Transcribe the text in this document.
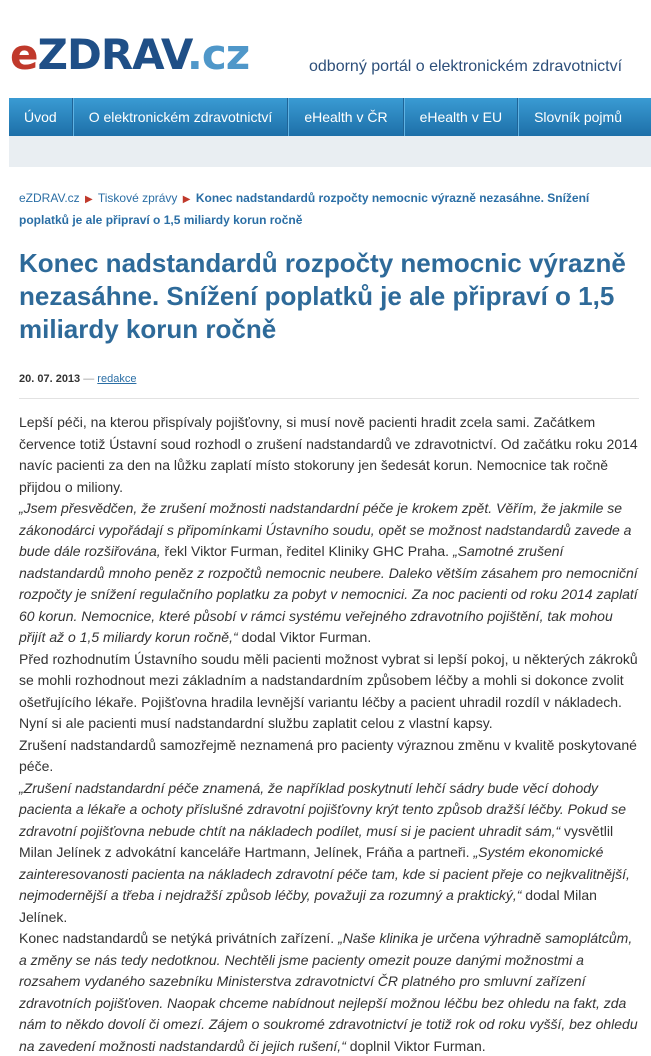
eZDRAV.cz	odborný portál o elektronickém zdravotnictví
Úvod	O elektronickém zdravotnictví	eHealth v ČR	eHealth v EU	Slovník pojmů
eZDRAV.cz ▶ Tiskové zprávy ▶ Konec nadstandardů rozpočty nemocnic výrazně nezasáhne. Snížení poplatků je ale připraví o 1,5 miliardy korun ročně
Konec nadstandardů rozpočty nemocnic výrazně nezasáhne. Snížení poplatků je ale připraví o 1,5 miliardy korun ročně
20. 07. 2013 — redakce

Lepší péči, na kterou přispívaly pojišťovny, si musí nově pacienti hradit zcela sami. Začátkem července totiž Ústavní soud rozhodl o zrušení nadstandardů ve zdravotnictví. Od začátku roku 2014 navíc pacienti za den na lůžku zaplatí místo stokoruny jen šedesát korun. Nemocnice tak ročně přijdou o miliony.

„Jsem přesvědčen, že zrušení možnosti nadstandardní péče je krokem zpět. Věřím, že jakmile se zákonodárci vypořádají s připomínkami Ústavního soudu, opět se možnost nadstandardů zavede a bude dále rozšiřována, řekl Viktor Furman, ředitel Kliniky GHC Praha. „Samotné zrušení nadstandardů mnoho peněz z rozpočtů nemocnic neubere. Daleko větším zásahem pro nemocniční rozpočty je snížení regulačního poplatku za pobyt v nemocnici. Za noc pacienti od roku 2014 zaplatí 60 korun. Nemocnice, které působí v rámci systému veřejného zdravotního pojištění, tak mohou přijít až o 1,5 miliardy korun ročně,“ dodal Viktor Furman.

Před rozhodnutím Ústavního soudu měli pacienti možnost vybrat si lepší pokoj, u některých zákroků se mohli rozhodnout mezi základním a nadstandardním způsobem léčby a mohli si dokonce zvolit ošetřujícího lékaře. Pojišťovna hradila levnější variantu léčby a pacient uhradil rozdíl v nákladech. Nyní si ale pacienti musí nadstandardní službu zaplatit celou z vlastní kapsy.

Zrušení nadstandardů samozřejmě neznamená pro pacienty výraznou změnu v kvalitě poskytované péče.

„Zrušení nadstandardní péče znamená, že například poskytnutí lehčí sádry bude věcí dohody pacienta a lékaře a ochoty příslušné zdravotní pojišťovny krýt tento způsob dražší léčby. Pokud se zdravotní pojišťovna nebude chtít na nákladech podílet, musí si je pacient uhradit sám,“ vysvětlil Milan Jelínek z advokátní kanceláře Hartmann, Jelínek, Fráňa a partneři. „Systém ekonomické zainteresovanosti pacienta na nákladech zdravotní péče tam, kde si pacient přeje co nejkvalitnější, nejmodernější a třeba i nejdražší způsob léčby, považuji za rozumný a praktický,“ dodal Milan Jelínek.

Konec nadstandardů se netýká privátních zařízení. „Naše klinika je určena výhradně samoplátcům, a změny se nás tedy nedotknou. Nechtěli jsme pacienty omezit pouze danými možnostmi a rozsahem vydaného sazebníku Ministerstva zdravotnictví ČR platného pro smluvní zařízení zdravotních pojišťoven. Naopak chceme nabídnout nejlepší možnou léčbu bez ohledu na fakt, zda nám to někdo dovolí či omezí. Zájem o soukromé zdravotnictví je totiž rok od roku vyšší, bez ohledu na zavedení možnosti nadstandardů či jejich rušení,“ doplnil Viktor Furman.
